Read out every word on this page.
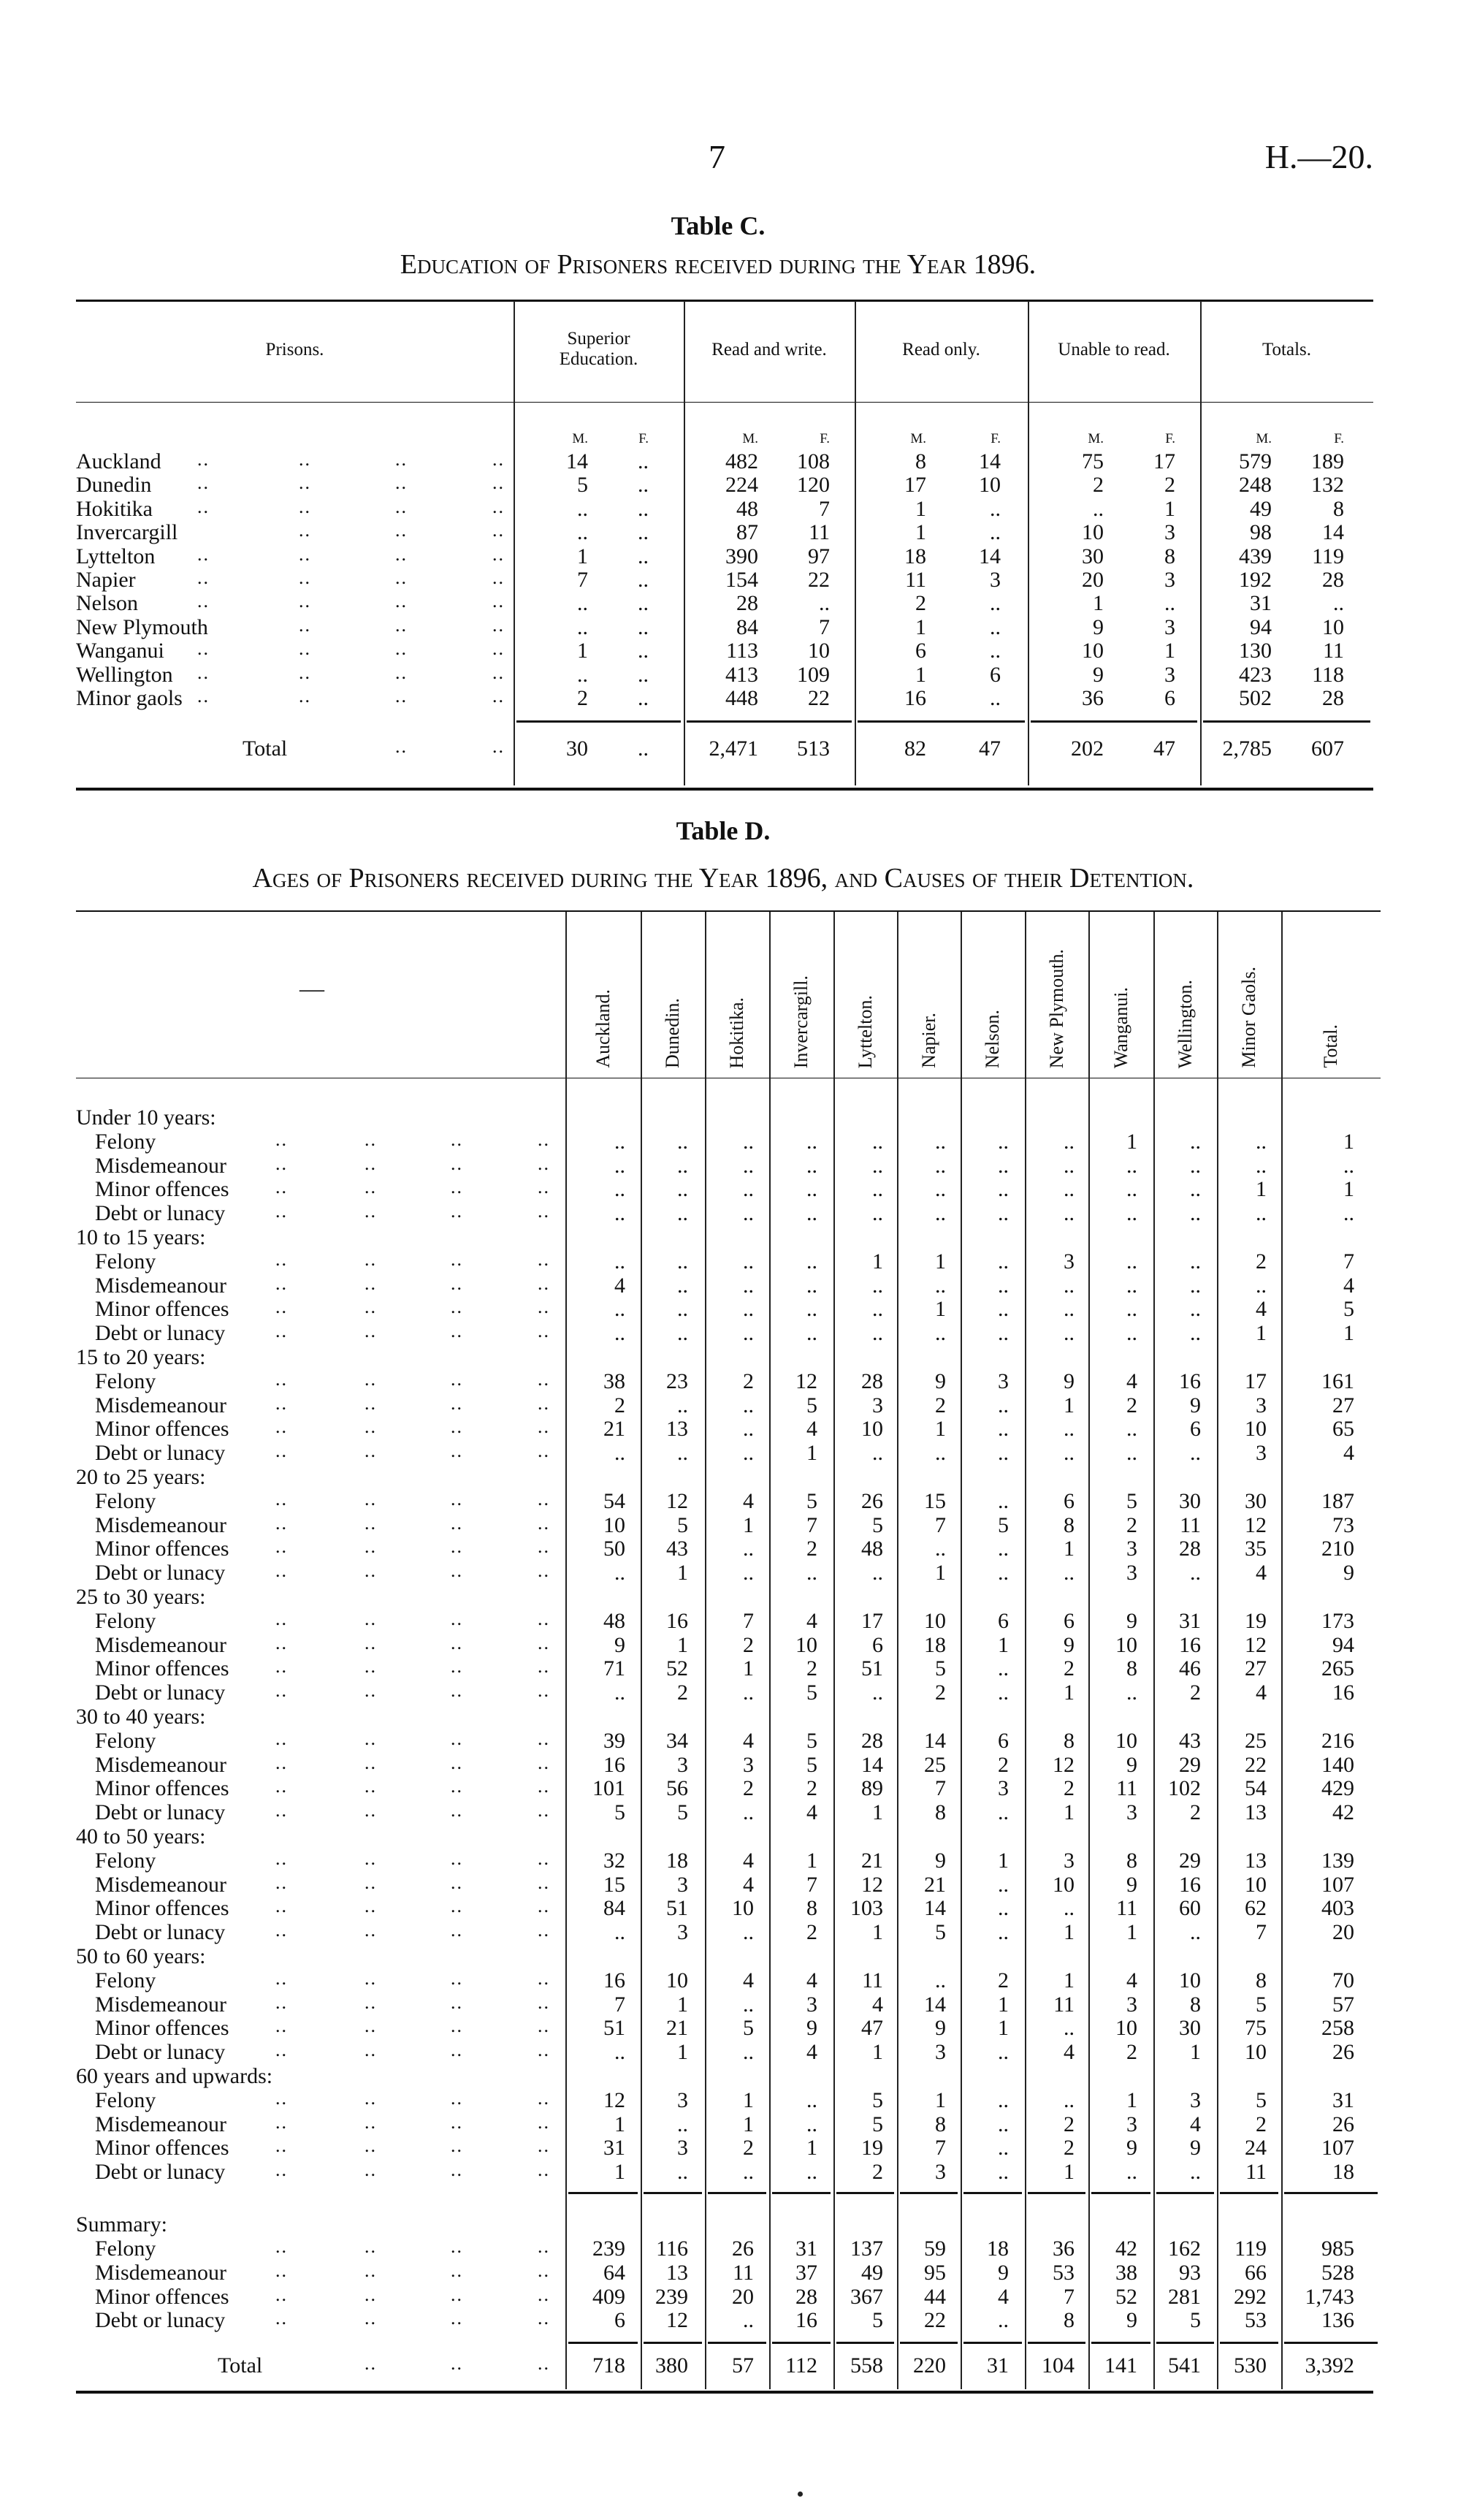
7	H.—20.
Table C.
Education of Prisoners received during the Year 1896.
Prisons.
Superior Education.	Read and write.	Read only.	Unable to read.	Totals.
M.	F.	M.	F.	M.	F.	M.	F.	M.	F.
Auckland .. .. .. ..	14 ..	482 108	8 14	75 17	579 189
Dunedin .. .. .. ..	5 ..	224 120	17 10	2	2	248 132
Hokitika .. .. .. ..	.. ..	48	7	1	..	..	1	49	8
Invercargill .. .. ..	.. ..	87 11	1	..	10	3	98 14
Lyttelton .. .. .. ..	1 ..	390 97	18 14	30	8	439 119
Napier .. .. .. ..	7 ..	154 22	11	3	20	3	192 28
Nelson .. .. .. ..	.. ..	28	..	2	..	1	..	31	..
New Plymouth .. .. ..	.. ..	84	7	1	..	9	3	94 10
Wanganui .. .. .. ..	1 ..	113 10	6	..	10	1	130 11
Wellington .. .. .. ..	.. ..	413 109	1	6	9	3	423 118
Minor gaols .. .. .. ..	2 ..	448 22	16	..	36	6	502 28
Total .. ..	30 ..	2,471 513	82 47	202 47 2,785 607
Table D.
Ages of Prisoners received during the Year 1896, and Causes of their Detention.
—
Auckland.	Dunedin. Hokitika. Invercargill. Lyttelton. Napier. Nelson. New Plymouth. Wanganui. Wellington. Minor Gaols.	Total.
Under 10 years:
Felony .. .. .. ..	.. ..	.. ..	.. .. ..	.. 1 ..	..	1
Misdemeanour .. .. .. ..	.. ..	.. ..	.. .. ..	.. .. ..	..	..
Minor offences .. .. .. ..	.. ..	.. ..	.. .. ..	.. .. ..	1	1
Debt or lunacy .. .. .. ..	.. ..	.. ..	.. .. ..	.. .. ..	..	..
10 to 15 years:
Felony .. .. .. ..	.. ..	.. ..	1 1 ..	3 .. ..	2	7
Misdemeanour .. .. .. ..	4 ..	.. ..	.. .. ..	.. .. ..	..	4
Minor offences .. .. .. ..	.. ..	.. ..	.. 1 ..	.. .. ..	4	5
Debt or lunacy .. .. .. ..	.. ..	.. ..	.. .. ..	.. .. ..	1	1
15 to 20 years:
Felony .. .. .. ..	38 23	2 12 28 9 3	9 4 16 17	161
Misdemeanour .. .. .. ..	2 ..	.. 5	3 2 ..	1 2 9	3	27
Minor offences .. .. .. ..	21 13	.. 4 10 1 ..	.. .. 6 10	65
Debt or lunacy .. .. .. ..	.. ..	.. 1	.. .. ..	.. .. ..	3	4
20 to 25 years:
Felony .. .. .. ..	54 12	4 5 26 15 ..	6 5 30 30	187
Misdemeanour .. .. .. ..	10 5	1 7	5 7 5	8 2 11 12	73
Minor offences .. .. .. ..	50 43	.. 2 48 .. ..	1 3 28 35	210
Debt or lunacy .. .. .. ..	.. 1	.. ..	.. 1 ..	.. 3 ..	4	9
25 to 30 years:
Felony .. .. .. ..	48 16	7 4 17 10 6	6 9 31 19	173
Misdemeanour .. .. .. ..	9 1	2 10	6 18 1	9 10 16 12	94
Minor offences .. .. .. ..	71 52	1 2 51 5 ..	2 8 46 27	265
Debt or lunacy .. .. .. ..	.. 2	.. 5	.. 2 ..	1 .. 2	4	16
30 to 40 years:
Felony .. .. .. ..	39 34	4 5 28 14 6	8 10 43 25	216
Misdemeanour .. .. .. ..	16 3	3 5 14 25 2 12 9 29 22	140
Minor offences .. .. .. ..	101 56	2 2 89 7 3	2 11 102 54	429
Debt or lunacy .. .. .. ..	5 5	.. 4	1 8 ..	1 3 2 13	42
40 to 50 years:
Felony .. .. .. ..	32 18	4 1 21 9 1	3 8 29 13	139
Misdemeanour .. .. .. ..	15 3	4 7 12 21 .. 10 9 16 10	107
Minor offences .. .. .. ..	84 51 10 8 103 14 ..	.. 11 60 62	403
Debt or lunacy .. .. .. ..	.. 3	.. 2	1 5 ..	1 1 ..	7	20
50 to 60 years:
Felony .. .. .. ..	16 10	4 4 11 .. 2	1 4 10	8	70
Misdemeanour .. .. .. ..	7 1	.. 3	4 14 1 11 3 8	5	57
Minor offences .. .. .. ..	51 21	5 9 47 9 1	.. 10 30 75	258
Debt or lunacy .. .. .. ..	.. 1	.. 4	1 3 ..	4 2 1 10	26
60 years and upwards:
Felony .. .. .. ..	12 3	1 ..	5 1 ..	.. 1 3	5	31
Misdemeanour .. .. .. ..	1 ..	1 ..	5 8 ..	2 3 4	2	26
Minor offences .. .. .. ..	31 3	2 1 19 7 ..	2 9 9 24	107
Debt or lunacy .. .. .. ..	1 ..	.. ..	2 3 ..	1 .. .. 11	18
Summary:
Felony .. .. .. ..	239 116 26 31 137 59 18 36 42 162 119	985
Misdemeanour .. .. .. ..	64 13 11 37 49 95 9 53 38 93 66	528
Minor offences .. .. .. ..	409 239 20 28 367 44 4	7 52 281 292 1,743
Debt or lunacy .. .. .. ..	6 12	.. 16	5 22 ..	8 9 5 53	136
Total .. .. ..	718 380 57 112 558 220 31 104 141 541 530 3,392
